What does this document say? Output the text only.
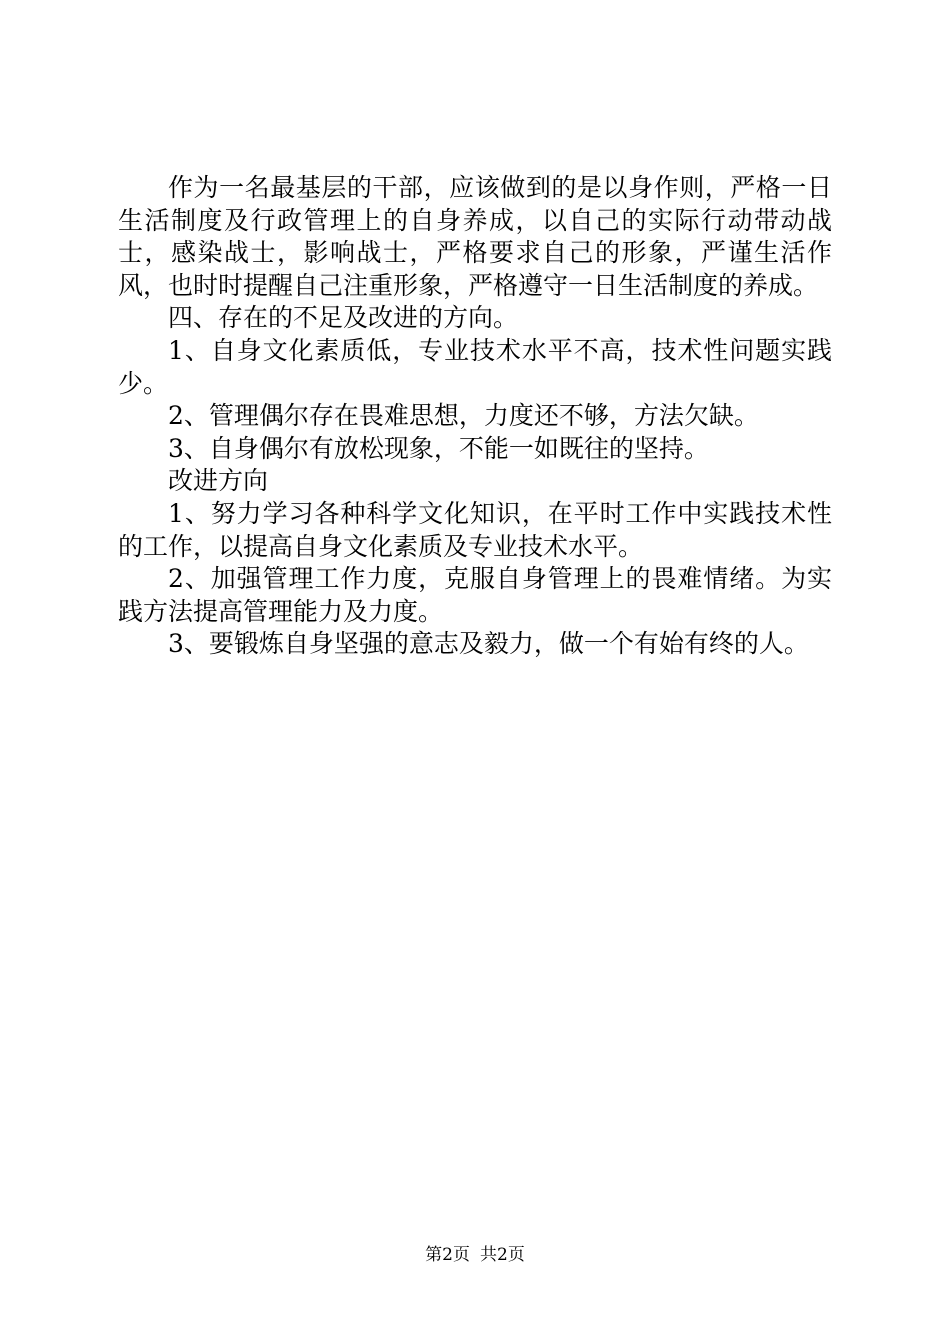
作为一名最基层的干部，应该做到的是以身作则，严格一日生活制度及行政管理上的自身养成，以自己的实际行动带动战士，感染战士，影响战士，严格要求自己的形象，严谨生活作风，也时时提醒自己注重形象，严格遵守一日生活制度的养成。

四、存在的不足及改进的方向。

1、自身文化素质低，专业技术水平不高，技术性问题实践少。

2、管理偶尔存在畏难思想，力度还不够，方法欠缺。

3、自身偶尔有放松现象，不能一如既往的坚持。

改进方向

1、努力学习各种科学文化知识，在平时工作中实践技术性的工作，以提高自身文化素质及专业技术水平。

2、加强管理工作力度，克服自身管理上的畏难情绪。为实践方法提高管理能力及力度。

3、要锻炼自身坚强的意志及毅力，做一个有始有终的人。

第2页 共2页
